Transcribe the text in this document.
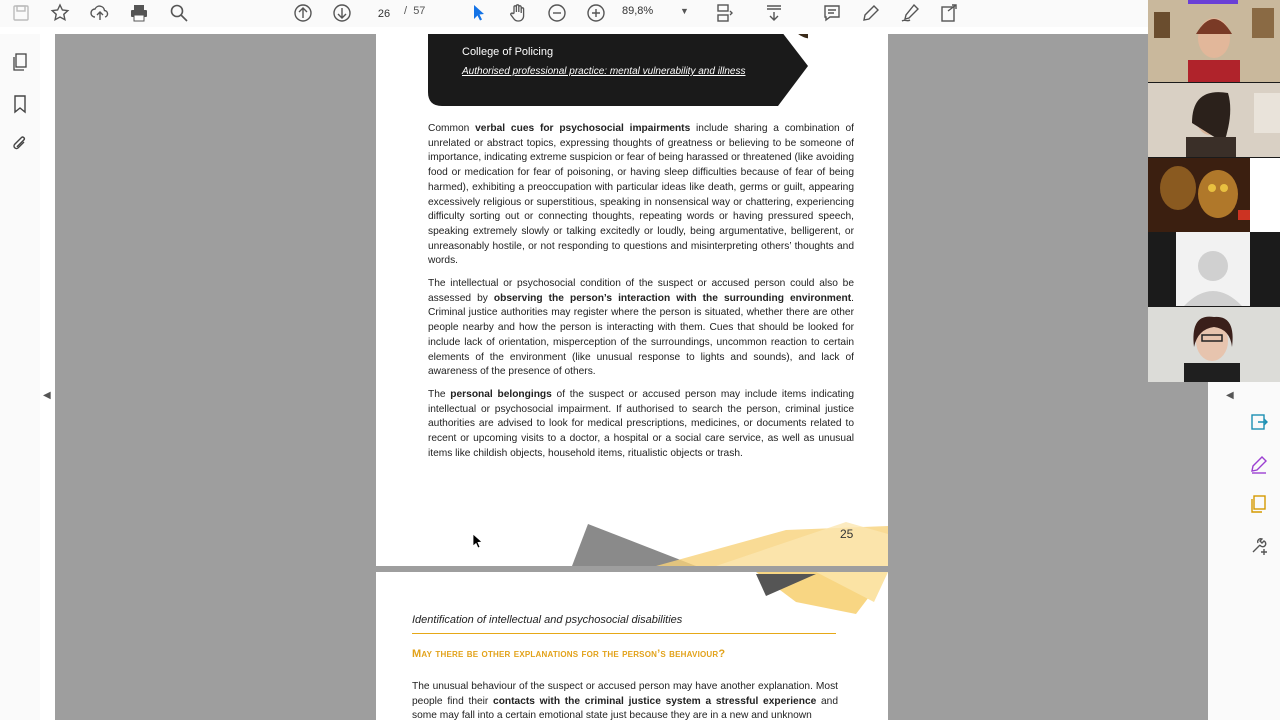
26	/ 57	89,8%	▼
◀
College of Policing
Authorised professional practice: mental vulnerability and illness
Common verbal cues for psychosocial impairments include sharing a combination of unrelated or abstract topics, expressing thoughts of greatness or believing to be someone of importance, indicating extreme suspicion or fear of being harassed or threatened (like avoiding food or medication for fear of poisoning, or having sleep difficulties because of fear of being harmed), exhibiting a preoccupation with particular ideas like death, germs or guilt, appearing excessively religious or superstitious, speaking in nonsensical way or chattering, experiencing difficulty sorting out or connecting thoughts, repeating words or having pressured speech, speaking extremely slowly or talking excitedly or loudly, being argumentative, belligerent, or unreasonably hostile, or not responding to questions and misinterpreting others’ thoughts and words.
The intellectual or psychosocial condition of the suspect or accused person could also be assessed by observing the person’s interaction with the surrounding environment. Criminal justice authorities may register where the person is situated, whether there are other people nearby and how the person is interacting with them. Cues that should be looked for include lack of orientation, misperception of the surroundings, uncommon reaction to certain elements of the environment (like unusual response to lights and sounds), and lack of awareness of the presence of others.
The personal belongings of the suspect or accused person may include items indicating intellectual or psychosocial impairment. If authorised to search the person, criminal justice authorities are advised to look for medical prescriptions, medicines, or documents related to recent or upcoming visits to a doctor, a hospital or a social care service, as well as unusual items like childish objects, household items, ritualistic objects or trash.
25
Identification of intellectual and psychosocial disabilities
May there be other explanations for the person’s behaviour?
The unusual behaviour of the suspect or accused person may have another explanation. Most people find their contacts with the criminal justice system a stressful experience and some may fall into a certain emotional state just because they are in a new and unknown
◀
